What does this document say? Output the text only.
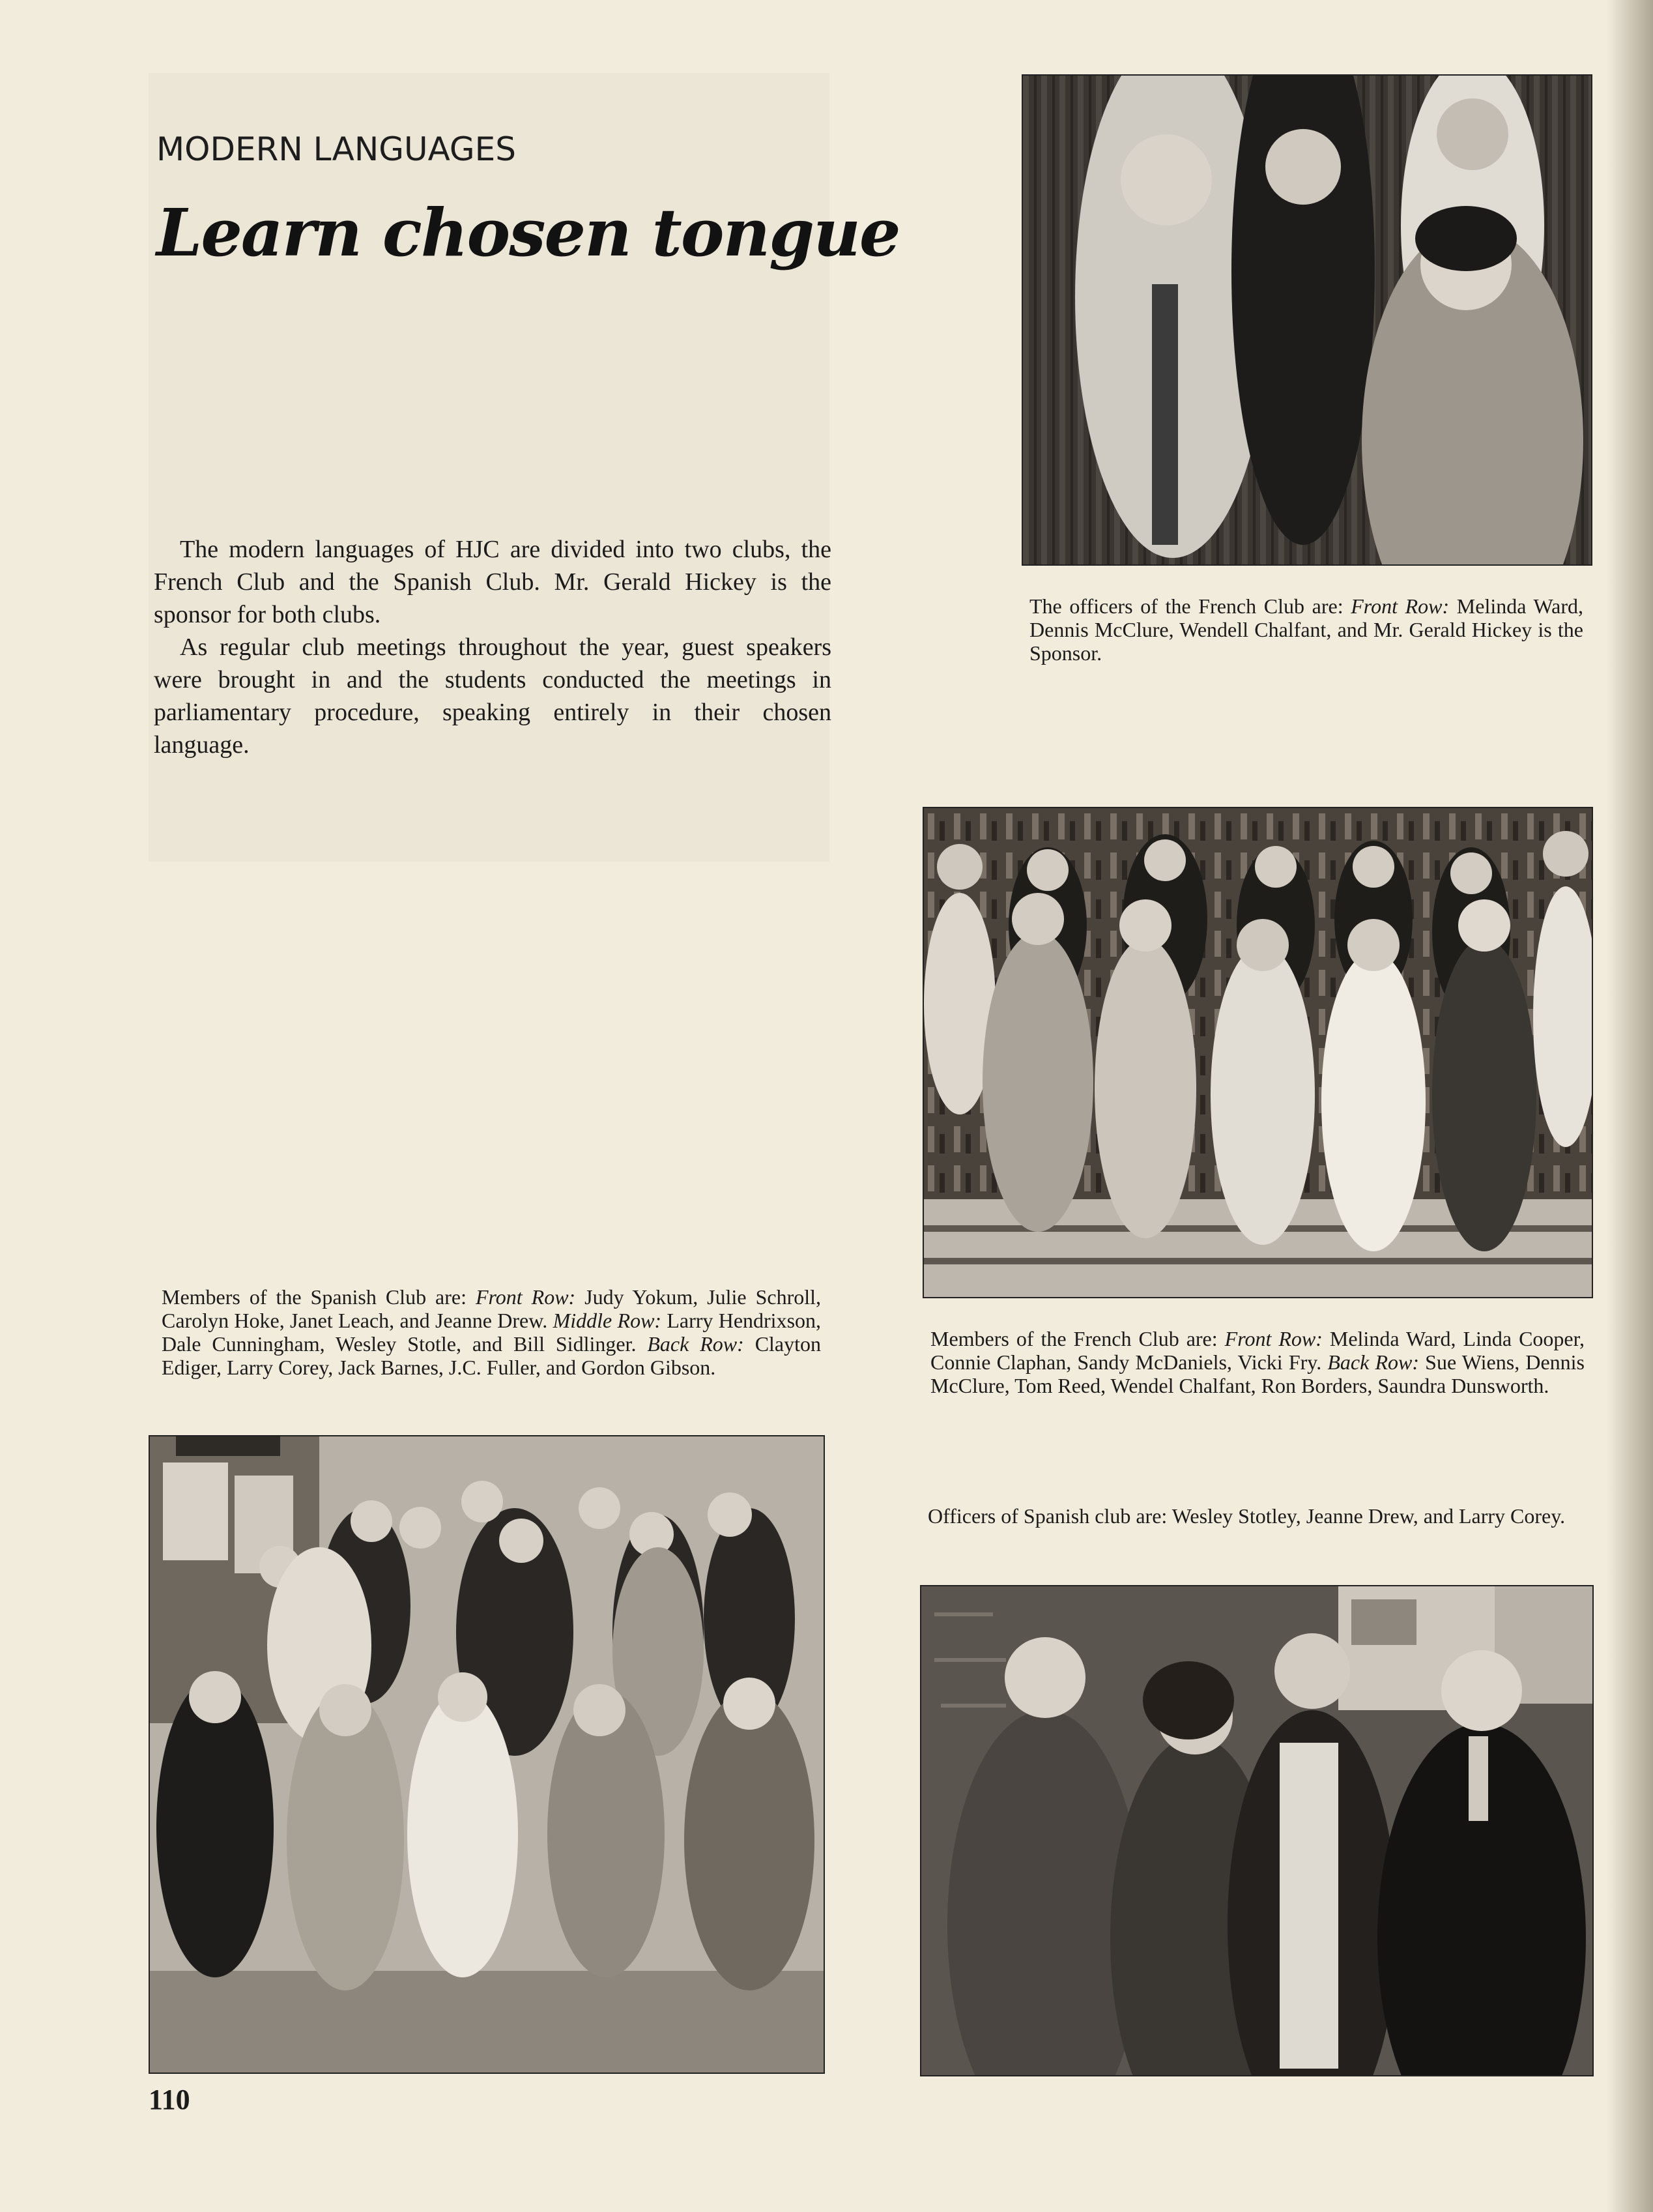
MODERN LANGUAGES
Learn chosen tongue

The modern languages of HJC are divided into two clubs, the French Club and the Spanish Club. Mr. Gerald Hickey is the sponsor for both clubs.

As regular club meetings throughout the year, guest speakers were brought in and the students conducted the meetings in parliamentary procedure, speaking entirely in their chosen language.

The officers of the French Club are: Front Row: Melinda Ward, Dennis McClure, Wendell Chalfant, and Mr. Gerald Hickey is the Sponsor.

Members of the French Club are: Front Row: Melinda Ward, Linda Cooper, Connie Claphan, Sandy McDaniels, Vicki Fry. Back Row: Sue Wiens, Dennis McClure, Tom Reed, Wendel Chalfant, Ron Borders, Saundra Dunsworth.

Members of the Spanish Club are: Front Row: Judy Yokum, Julie Schroll, Carolyn Hoke, Janet Leach, and Jeanne Drew. Middle Row: Larry Hendrixson, Dale Cunningham, Wesley Stotle, and Bill Sidlinger. Back Row: Clayton Ediger, Larry Corey, Jack Barnes, J.C. Fuller, and Gordon Gibson.

Officers of Spanish club are: Wesley Stotley, Jeanne Drew, and Larry Corey.

110
